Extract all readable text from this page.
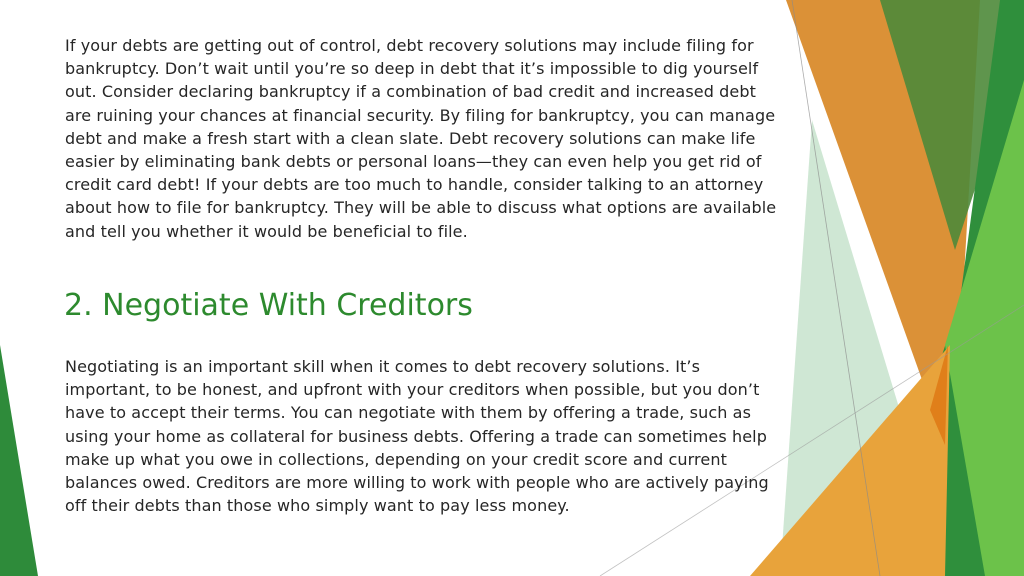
If your debts are getting out of control, debt recovery solutions may include filing for bankruptcy. Don’t wait until you’re so deep in debt that it’s impossible to dig yourself out. Consider declaring bankruptcy if a combination of bad credit and increased debt are ruining your chances at financial security. By filing for bankruptcy, you can manage debt and make a fresh start with a clean slate. Debt recovery solutions can make life easier by eliminating bank debts or personal loans—they can even help you get rid of credit card debt! If your debts are too much to handle, consider talking to an attorney about how to file for bankruptcy. They will be able to discuss what options are available and tell you whether it would be beneficial to file.

2. Negotiate With Creditors

Negotiating is an important skill when it comes to debt recovery solutions. It’s important, to be honest, and upfront with your creditors when possible, but you don’t have to accept their terms. You can negotiate with them by offering a trade, such as using your home as collateral for business debts. Offering a trade can sometimes help make up what you owe in collections, depending on your credit score and current balances owed. Creditors are more willing to work with people who are actively paying off their debts than those who simply want to pay less money.
